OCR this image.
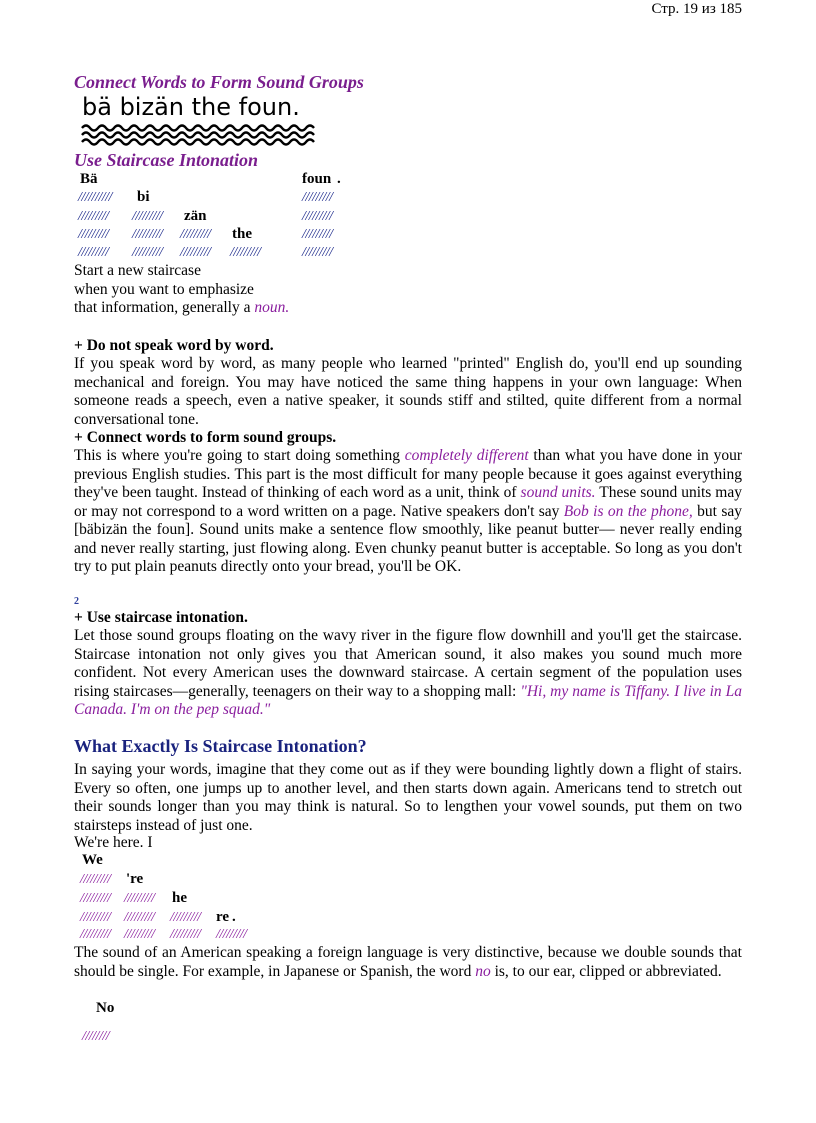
Стр. 19 из 185
Connect Words to Form Sound Groups
bä bizän the foun.
Use Staircase Intonation
Bä	foun .
////////// bi	/////////
///////// ///////// zän	/////////
///////// ///////// ///////// the	/////////
///////// ///////// ///////// /////////	/////////
Start a new staircase
when you want to emphasize
that information, generally a noun.
+ Do not speak word by word.
If you speak word by word, as many people who learned "printed" English do, you'll end up sounding mechanical and foreign. You may have noticed the same thing happens in your own language: When someone reads a speech, even a native speaker, it sounds stiff and stilted, quite different from a normal conversational tone.
+ Connect words to form sound groups.
This is where you're going to start doing something completely different than what you have done in your previous English studies. This part is the most difficult for many people because it goes against everything they've been taught. Instead of thinking of each word as a unit, think of sound units. These sound units may or may not correspond to a word written on a page. Native speakers don't say Bob is on the phone, but say [bäbizän the foun]. Sound units make a sentence flow smoothly, like peanut butter— never really ending and never really starting, just flowing along. Even chunky peanut butter is acceptable. So long as you don't try to put plain peanuts directly onto your bread, you'll be OK.
2
+ Use staircase intonation.
Let those sound groups floating on the wavy river in the figure flow downhill and you'll get the staircase. Staircase intonation not only gives you that American sound, it also makes you sound much more confident. Not every American uses the downward staircase. A certain segment of the population uses rising staircases—generally, teenagers on their way to a shopping mall: "Hi, my name is Tiffany. I live in La Canada. I'm on the pep squad."
What Exactly Is Staircase Intonation?
In saying your words, imagine that they come out as if they were bounding lightly down a flight of stairs. Every so often, one jumps up to another level, and then starts down again. Americans tend to stretch out their sounds longer than you may think is natural. So to lengthen your vowel sounds, put them on two stairsteps instead of just one.
We're here. I
We
///////// 're
///////// ///////// he
///////// ///////// ///////// re .
///////// ///////// ///////// /////////
The sound of an American speaking a foreign language is very distinctive, because we double sounds that should be single. For example, in Japanese or Spanish, the word no is, to our ear, clipped or abbreviated.
No
////////
